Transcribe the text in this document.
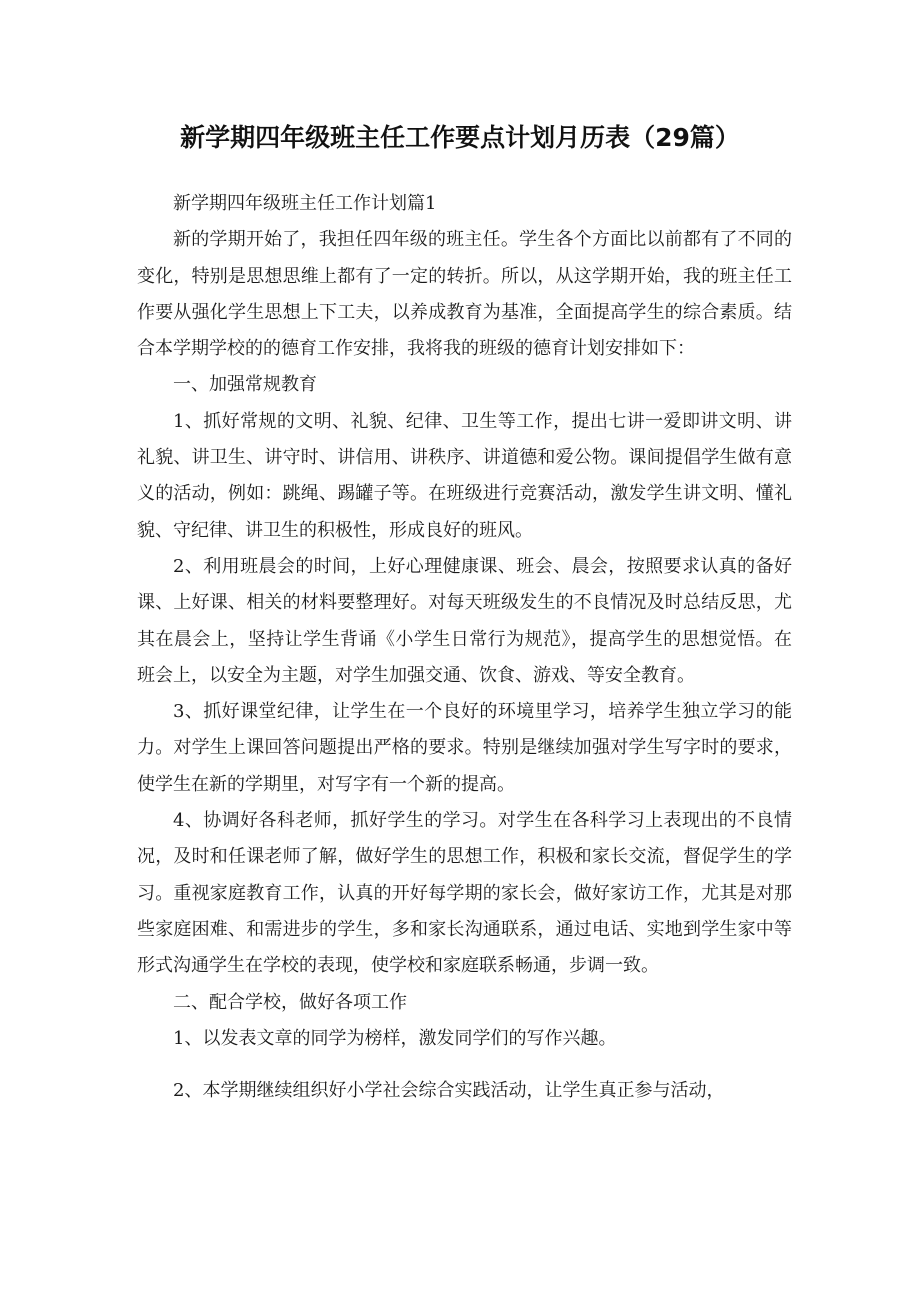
新学期四年级班主任工作要点计划月历表（29篇）

新学期四年级班主任工作计划篇1

新的学期开始了，我担任四年级的班主任。学生各个方面比以前都有了不同的变化，特别是思想思维上都有了一定的转折。所以，从这学期开始，我的班主任工作要从强化学生思想上下工夫，以养成教育为基准，全面提高学生的综合素质。结合本学期学校的的德育工作安排，我将我的班级的德育计划安排如下：

一、加强常规教育

1、抓好常规的文明、礼貌、纪律、卫生等工作，提出七讲一爱即讲文明、讲礼貌、讲卫生、讲守时、讲信用、讲秩序、讲道德和爱公物。课间提倡学生做有意义的活动，例如：跳绳、踢罐子等。在班级进行竞赛活动，激发学生讲文明、懂礼貌、守纪律、讲卫生的积极性，形成良好的班风。

2、利用班晨会的时间，上好心理健康课、班会、晨会，按照要求认真的备好课、上好课、相关的材料要整理好。对每天班级发生的不良情况及时总结反思，尤其在晨会上，坚持让学生背诵《小学生日常行为规范》，提高学生的思想觉悟。在班会上，以安全为主题，对学生加强交通、饮食、游戏、等安全教育。

3、抓好课堂纪律，让学生在一个良好的环境里学习，培养学生独立学习的能力。对学生上课回答问题提出严格的要求。特别是继续加强对学生写字时的要求，使学生在新的学期里，对写字有一个新的提高。

4、协调好各科老师，抓好学生的学习。对学生在各科学习上表现出的不良情况，及时和任课老师了解，做好学生的思想工作，积极和家长交流，督促学生的学习。重视家庭教育工作，认真的开好每学期的家长会，做好家访工作，尤其是对那些家庭困难、和需进步的学生，多和家长沟通联系，通过电话、实地到学生家中等形式沟通学生在学校的表现，使学校和家庭联系畅通，步调一致。

二、配合学校，做好各项工作

1、以发表文章的同学为榜样，激发同学们的写作兴趣。

2、本学期继续组织好小学社会综合实践活动，让学生真正参与活动，
